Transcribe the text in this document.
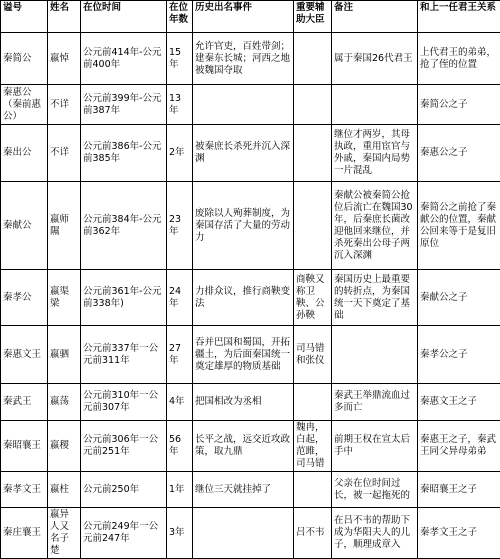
谥号	姓名	在位时间	在位年数	历史出名事件	重要辅助大臣	备注	和上一任君王关系
秦简公	嬴悼	公元前414年-公元前400年	15年	允许官吏，百姓带剑；建秦东长城；河西之地被魏国夺取		属于秦国26代君王	上代君王的弟弟，抢了侄的位置
秦惠公（秦前惠公）	不详	公元前399年-公元前387年	13年				秦简公之子
秦出公	不详	公元前386年-公元前385年	2年	被秦庶长杀死并沉入深渊		继位才两岁，其母执政，重用宦官与外戚，秦国内局势一片混乱	秦惠公之子
秦献公	嬴师隰	公元前384年-公元前362年	23年	废除以人殉葬制度，为秦国存活了大量的劳动力		秦献公被秦简公抢位后流亡在魏国30年，后秦庶长菌改迎他回来继位，并杀死秦出公母子两沉入深渊	秦简公之前抢了秦献公的位置，秦献公回来等于是复旧原位
秦孝公	嬴渠梁	公元前361年-公元前338年)	24年	力排众议，推行商鞅变法	商鞅又称卫鞅、公孙鞅	秦国历史上最重要的转折点，为秦国统一天下奠定了基础	秦献公之子
秦惠文王	嬴驷	公元前337年一公元前311年	27年	吞并巴国和蜀国，开拓疆土，为后面秦国统一奠定雄厚的物质基础	司马错和张仪		秦孝公之子
秦武王	嬴荡	公元前310年一公元前307年	4年	把国相改为丞相		秦武王举鼎流血过多而亡	秦惠文王之子
秦昭襄王	嬴稷	公元前306年一公元前251年	56年	长平之战，远交近攻政策，取九鼎	魏冉，白起，范雎，司马错	前期王权在宣太后手中	秦惠王之子，秦武王同父异母弟弟
秦孝文王	嬴柱	公元前250年	1年	继位三天就挂掉了		父亲在位时间过长，被一起拖死的	秦昭襄王之子
秦庄襄王	嬴异人又名子楚	公元前249年一公元前247年	3年		吕不韦	在吕不韦的帮助下成为华阳夫人的儿子，顺理成章入	秦孝文王之子
